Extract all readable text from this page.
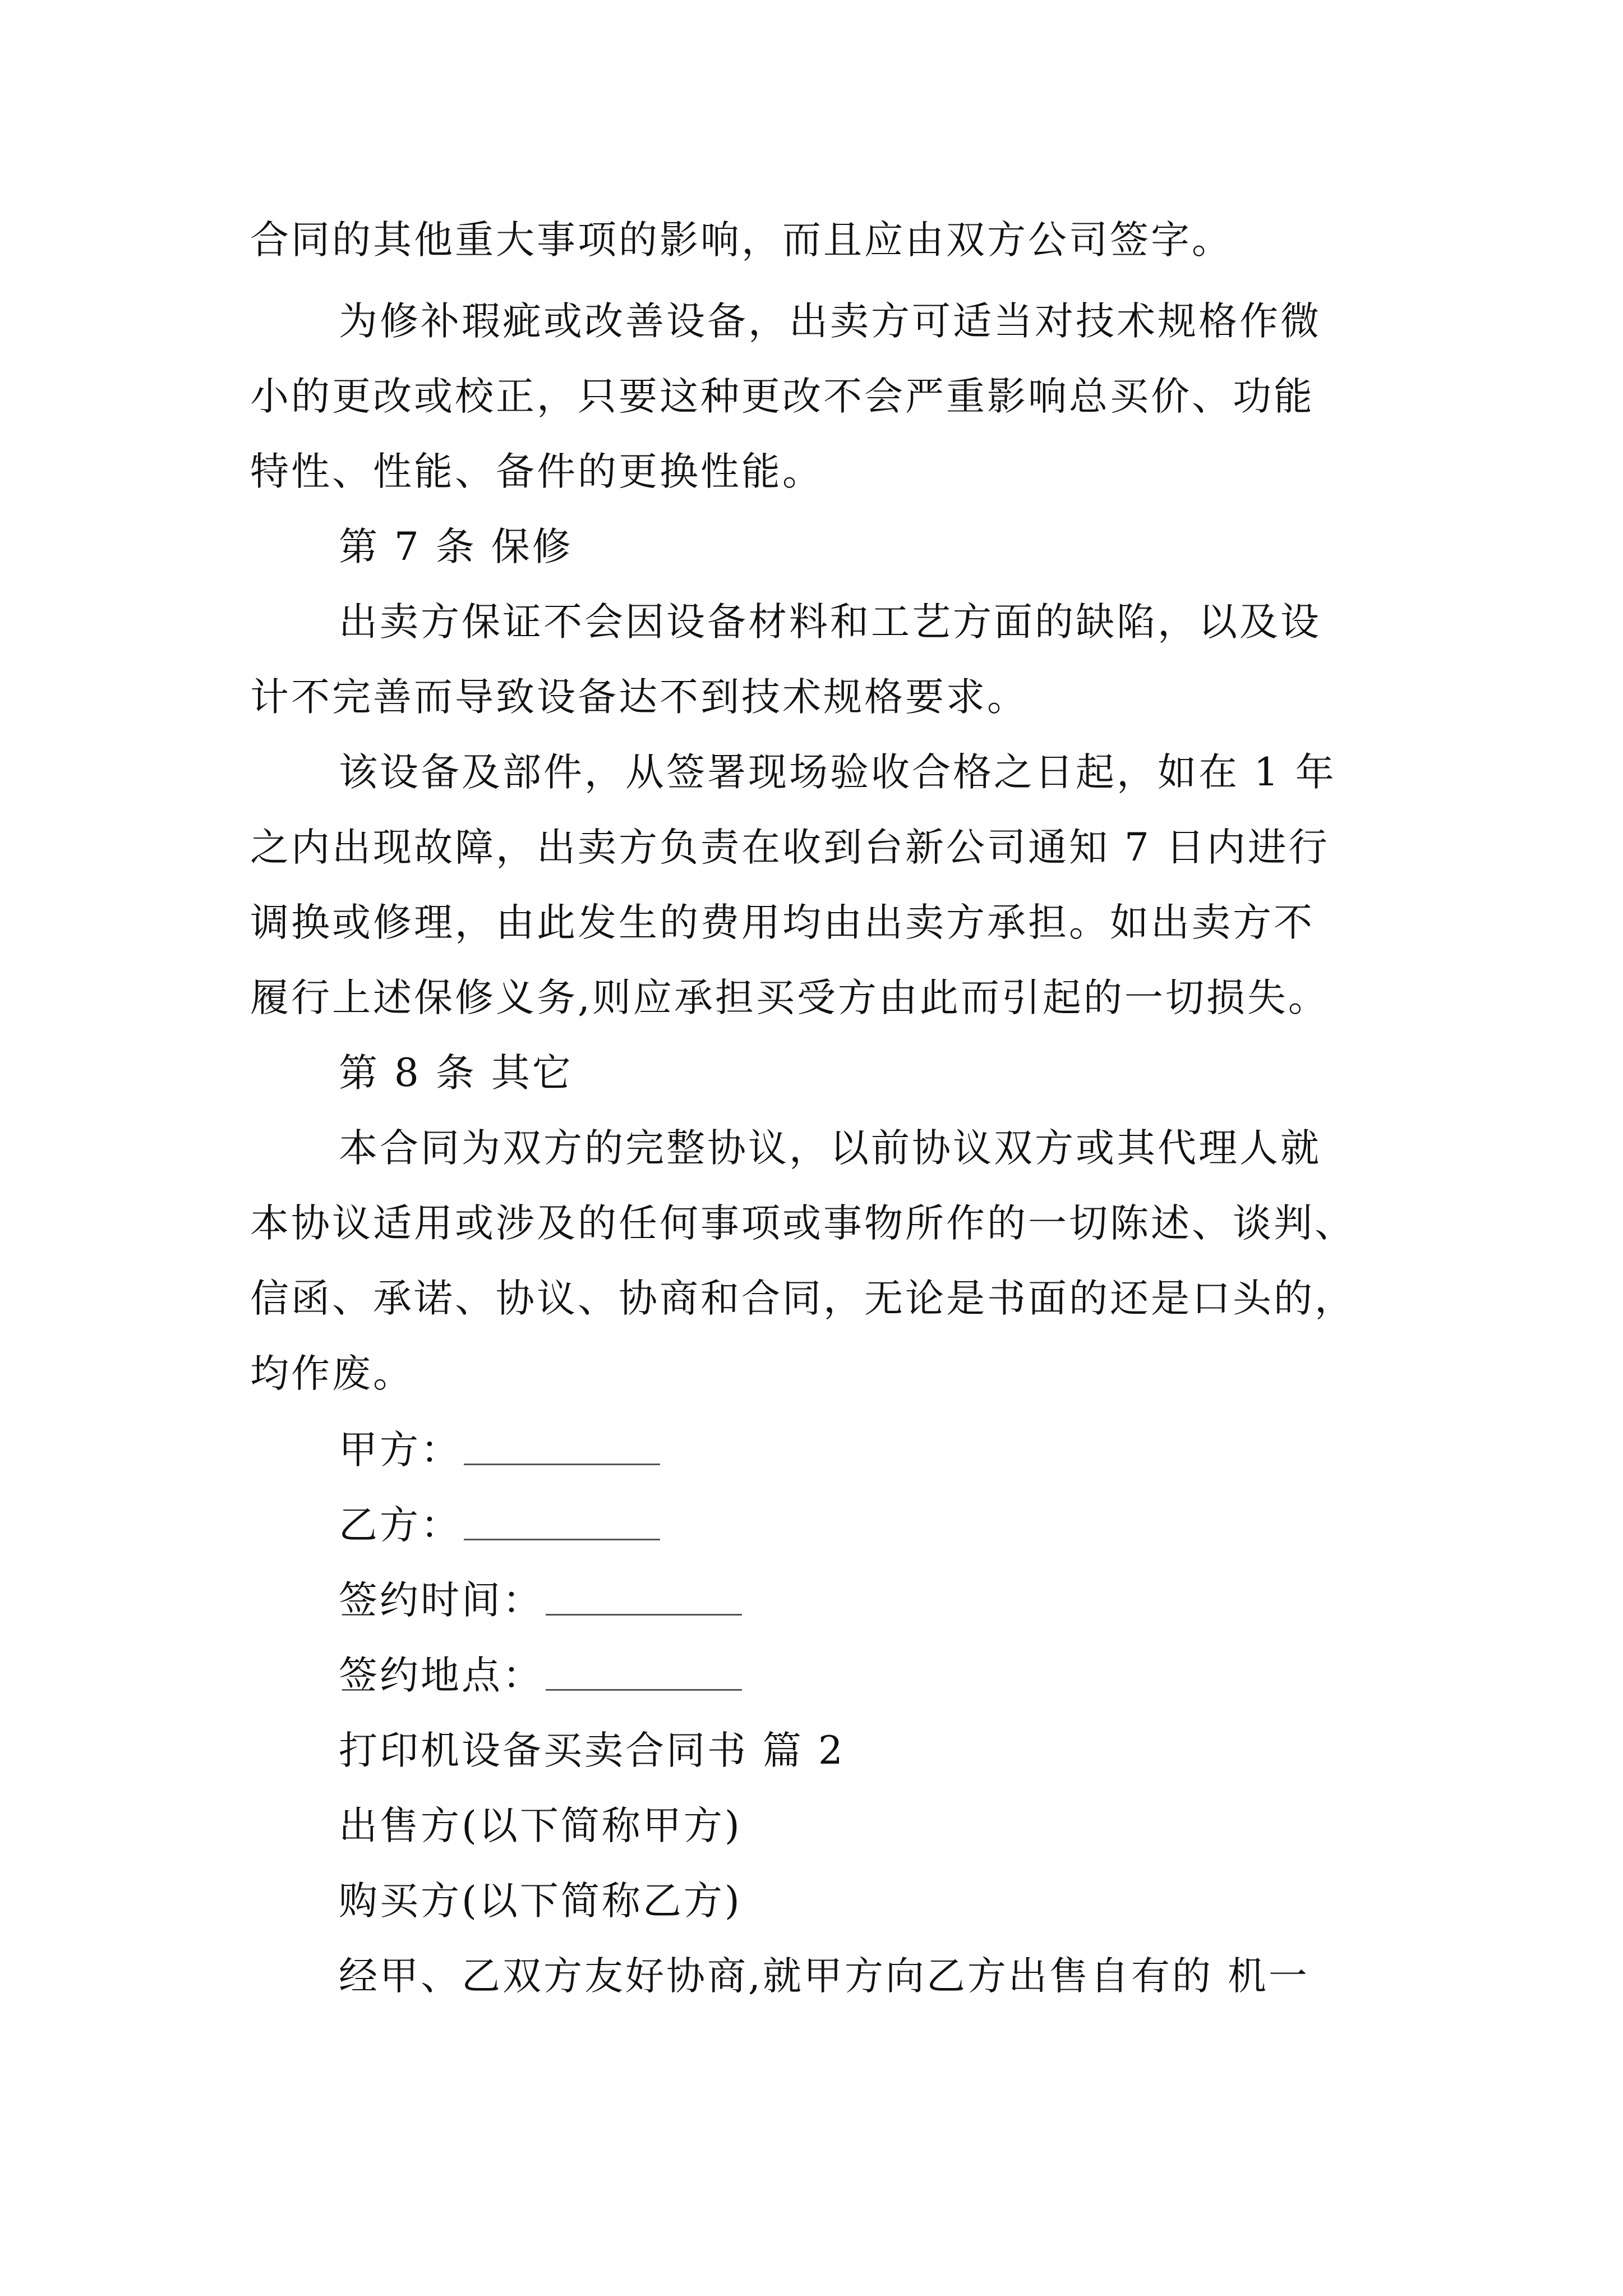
合同的其他重大事项的影响，而且应由双方公司签字。
为修补瑕疵或改善设备，出卖方可适当对技术规格作微
小的更改或校正，只要这种更改不会严重影响总买价、功能
特性、性能、备件的更换性能。
第 7 条 保修
出卖方保证不会因设备材料和工艺方面的缺陷，以及设
计不完善而导致设备达不到技术规格要求。
该设备及部件，从签署现场验收合格之日起，如在 1 年
之内出现故障，出卖方负责在收到台新公司通知 7 日内进行
调换或修理，由此发生的费用均由出卖方承担。如出卖方不
履行上述保修义务,则应承担买受方由此而引起的一切损失。
第 8 条 其它
本合同为双方的完整协议，以前协议双方或其代理人就
本协议适用或涉及的任何事项或事物所作的一切陈述、谈判、
信函、承诺、协议、协商和合同，无论是书面的还是口头的，
均作废。
甲方：
乙方：
签约时间：
签约地点：
打印机设备买卖合同书 篇 2
出售方(以下简称甲方)
购买方(以下简称乙方)
经甲、乙双方友好协商,就甲方向乙方出售自有的 机一
